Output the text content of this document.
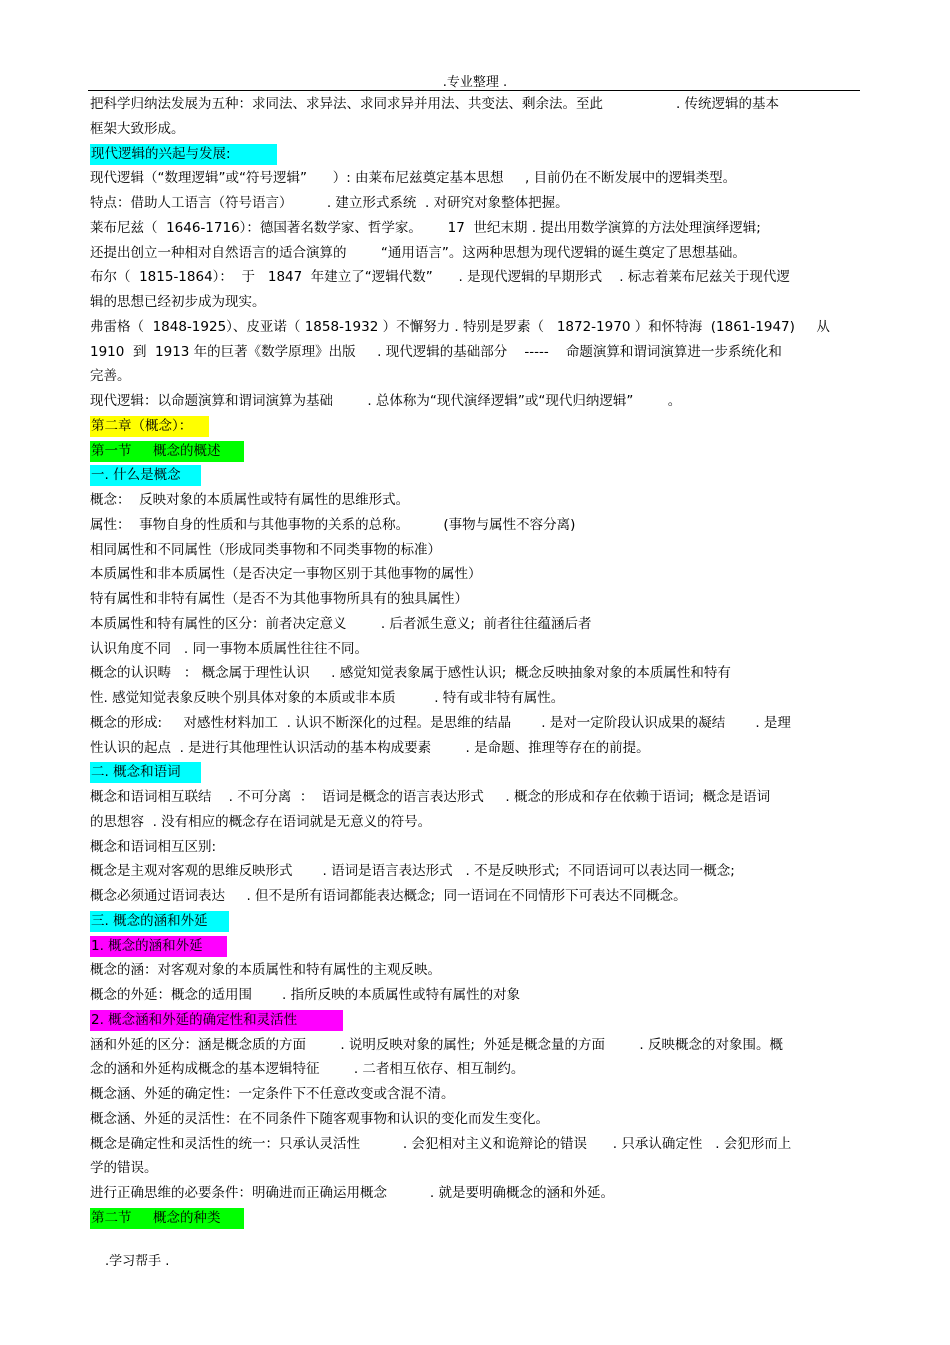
.专业整理 .
把科学归纳法发展为五种：求同法、求异法、求同求异并用法、共变法、剩余法。至此                 . 传统逻辑的基本
框架大致形成。
现代逻辑的兴起与发展:
现代逻辑（“数理逻辑”或“符号逻辑”      ）: 由莱布尼兹奠定基本思想     , 目前仍在不断发展中的逻辑类型。
特点：借助人工语言（符号语言）        . 建立形式系统  . 对研究对象整体把握。
莱布尼兹（  1646-1716）：德国著名数学家、哲学家。      17  世纪末期 . 提出用数学演算的方法处理演绎逻辑;
还提出创立一种相对自然语言的适合演算的        “通用语言”。这两种思想为现代逻辑的诞生奠定了思想基础。
布尔（  1815-1864）：  于   1847  年建立了“逻辑代数”      . 是现代逻辑的早期形式    . 标志着莱布尼兹关于现代逻
辑的思想已经初步成为现实。
弗雷格（  1848-1925）、皮亚诺（ 1858-1932 ）不懈努力 . 特别是罗素（   1872-1970 ）和怀特海  (1861-1947)     从
1910  到  1913 年的巨著《数学原理》出版     . 现代逻辑的基础部分    -----    命题演算和谓词演算进一步系统化和
完善。
现代逻辑：以命题演算和谓词演算为基础        . 总体称为“现代演绎逻辑”或“现代归纳逻辑”        。
第二章（概念）：
第一节     概念的概述
一. 什么是概念
概念：  反映对象的本质属性或特有属性的思维形式。
属性：  事物自身的性质和与其他事物的关系的总称。        (事物与属性不容分离)
相同属性和不同属性（形成同类事物和不同类事物的标准）
本质属性和非本质属性（是否决定一事物区别于其他事物的属性）
特有属性和非特有属性（是否不为其他事物所具有的独具属性）
本质属性和特有属性的区分：前者决定意义        . 后者派生意义;  前者往往蕴涵后者
认识角度不同   . 同一事物本质属性往往不同。
概念的认识畴   ： 概念属于理性认识     . 感觉知觉表象属于感性认识;  概念反映抽象对象的本质属性和特有
性. 感觉知觉表象反映个别具体对象的本质或非本质         . 特有或非特有属性。
概念的形成:     对感性材料加工  . 认识不断深化的过程。是思维的结晶       . 是对一定阶段认识成果的凝结       . 是理
性认识的起点  . 是进行其他理性认识活动的基本构成要素        . 是命题、推理等存在的前提。
二. 概念和语词
概念和语词相互联结    . 不可分离  ：  语词是概念的语言表达形式     . 概念的形成和存在依赖于语词;  概念是语词
的思想容  . 没有相应的概念存在语词就是无意义的符号。
概念和语词相互区别:
概念是主观对客观的思维反映形式       . 语词是语言表达形式   . 不是反映形式;  不同语词可以表达同一概念;
概念必须通过语词表达     . 但不是所有语词都能表达概念;  同一语词在不同情形下可表达不同概念。
三. 概念的涵和外延
1. 概念的涵和外延
概念的涵：对客观对象的本质属性和特有属性的主观反映。
概念的外延：概念的适用围       . 指所反映的本质属性或特有属性的对象
2. 概念涵和外延的确定性和灵活性
涵和外延的区分：涵是概念质的方面        . 说明反映对象的属性;  外延是概念量的方面        . 反映概念的对象围。概
念的涵和外延构成概念的基本逻辑特征        . 二者相互依存、相互制约。
概念涵、外延的确定性：一定条件下不任意改变或含混不清。
概念涵、外延的灵活性：在不同条件下随客观事物和认识的变化而发生变化。
概念是确定性和灵活性的统一：只承认灵活性          . 会犯相对主义和诡辩论的错误      . 只承认确定性   . 会犯形而上
学的错误。
进行正确思维的必要条件：明确进而正确运用概念          . 就是要明确概念的涵和外延。
第二节     概念的种类
.学习帮手 .
